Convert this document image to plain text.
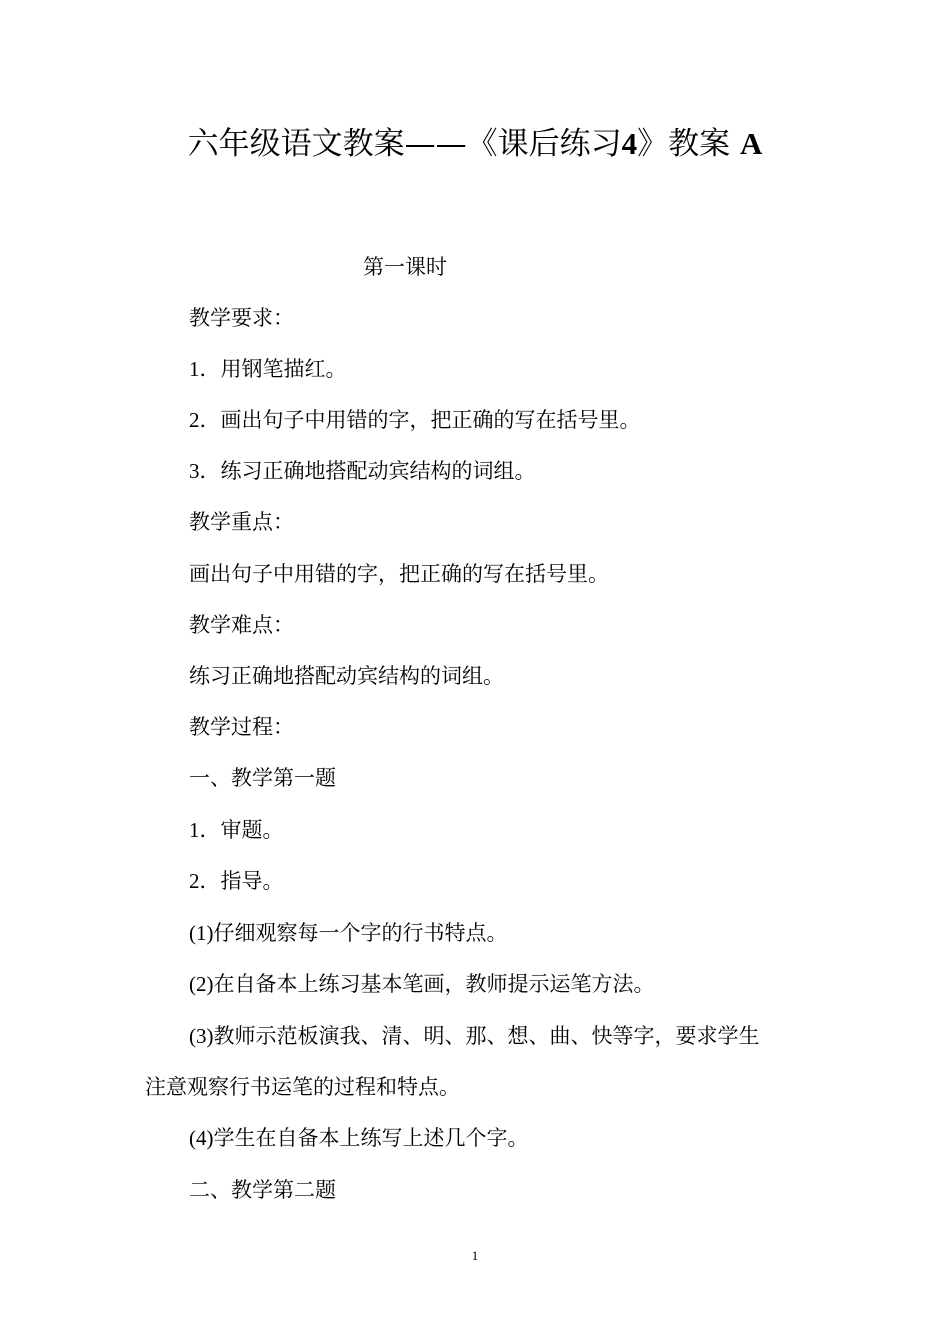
六年级语文教案——《课后练习4》教案 A
第一课时
教学要求：
1．用钢笔描红。
2．画出句子中用错的字，把正确的写在括号里。
3．练习正确地搭配动宾结构的词组。
教学重点：
画出句子中用错的字，把正确的写在括号里。
教学难点：
练习正确地搭配动宾结构的词组。
教学过程：
一、教学第一题
1．审题。
2．指导。
(1)仔细观察每一个字的行书特点。
(2)在自备本上练习基本笔画，教师提示运笔方法。
(3)教师示范板演我、清、明、那、想、曲、快等字，要求学生
注意观察行书运笔的过程和特点。
(4)学生在自备本上练写上述几个字。
二、教学第二题
1
